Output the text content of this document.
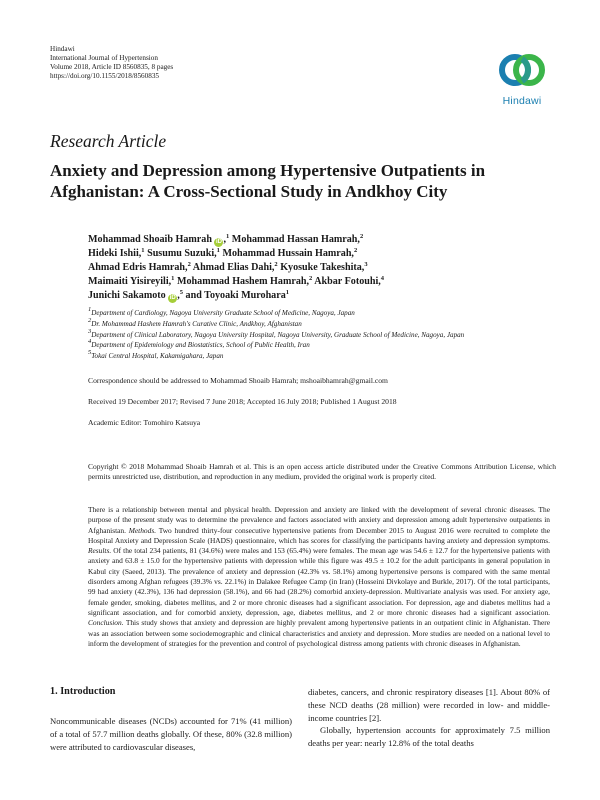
Hindawi
International Journal of Hypertension
Volume 2018, Article ID 8560835, 8 pages
https://doi.org/10.1155/2018/8560835
Hindawi
Research Article
Anxiety and Depression among Hypertensive Outpatients in Afghanistan: A Cross-Sectional Study in Andkhoy City
Mohammad Shoaib Hamrah iD ,$^1$ Mohammad Hassan Hamrah,$^2$
Hideki Ishii,$^1$ Susumu Suzuki,$^1$ Mohammad Hussain Hamrah,$^2$
Ahmad Edris Hamrah,$^2$ Ahmad Elias Dahi,$^2$ Kyosuke Takeshita,$^3$
Maimaiti Yisireyili,$^1$ Mohammad Hashem Hamrah,$^2$ Akbar Fotouhi,$^4$
Junichi Sakamoto iD ,$^5$ and Toyoaki Murohara$^1$
$^1$Department of Cardiology, Nagoya University Graduate School of Medicine, Nagoya, Japan
$^2$Dr. Mohammad Hashem Hamrah's Curative Clinic, Andkhoy, Afghanistan
$^3$Department of Clinical Laboratory, Nagoya University Hospital, Nagoya University, Graduate School of Medicine, Nagoya, Japan
$^4$Department of Epidemiology and Biostatistics, School of Public Health, Iran
$^5$Tokai Central Hospital, Kakamigahara, Japan
Correspondence should be addressed to Mohammad Shoaib Hamrah; mshoaibhamrah@gmail.com
Received 19 December 2017; Revised 7 June 2018; Accepted 16 July 2018; Published 1 August 2018
Academic Editor: Tomohiro Katsuya
Copyright © 2018 Mohammad Shoaib Hamrah et al. This is an open access article distributed under the Creative Commons Attribution License, which permits unrestricted use, distribution, and reproduction in any medium, provided the original work is properly cited.
There is a relationship between mental and physical health. Depression and anxiety are linked with the development of several chronic diseases. The purpose of the present study was to determine the prevalence and factors associated with anxiety and depression among adult hypertensive outpatients in Afghanistan. Methods. Two hundred thirty-four consecutive hypertensive patients from December 2015 to August 2016 were recruited to complete the Hospital Anxiety and Depression Scale (HADS) questionnaire, which has scores for classifying the participants having anxiety and depression symptoms. Results. Of the total 234 patients, 81 (34.6%) were males and 153 (65.4%) were females. The mean age was 54.6 ± 12.7 for the hypertensive patients with anxiety and 63.8 ± 15.0 for the hypertensive patients with depression while this figure was 49.5 ± 10.2 for the adult participants in general population in Kabul city (Saeed, 2013). The prevalence of anxiety and depression (42.3% vs. 58.1%) among hypertensive persons is compared with the same mental disorders among Afghan refugees (39.3% vs. 22.1%) in Dalakee Refugee Camp (in Iran) (Hosseini Divkolaye and Burkle, 2017). Of the total participants, 99 had anxiety (42.3%), 136 had depression (58.1%), and 66 had (28.2%) comorbid anxiety-depression. Multivariate analysis was used. For anxiety age, female gender, smoking, diabetes mellitus, and 2 or more chronic diseases had a significant association. For depression, age and diabetes mellitus had a significant association, and for comorbid anxiety, depression, age, diabetes mellitus, and 2 or more chronic diseases had a significant association. Conclusion. This study shows that anxiety and depression are highly prevalent among hypertensive patients in an outpatient clinic in Afghanistan. There was an association between some sociodemographic and clinical characteristics and anxiety and depression. More studies are needed on a national level to inform the development of strategies for the prevention and control of psychological distress among patients with chronic diseases in Afghanistan.
1. Introduction
Noncommunicable diseases (NCDs) accounted for 71% (41 million) of a total of 57.7 million deaths globally. Of these, 80% (32.8 million) were attributed to cardiovascular diseases,
diabetes, cancers, and chronic respiratory diseases [1]. About 80% of these NCD deaths (28 million) were recorded in low- and middle-income countries [2].
Globally, hypertension accounts for approximately 7.5 million deaths per year: nearly 12.8% of the total deaths
